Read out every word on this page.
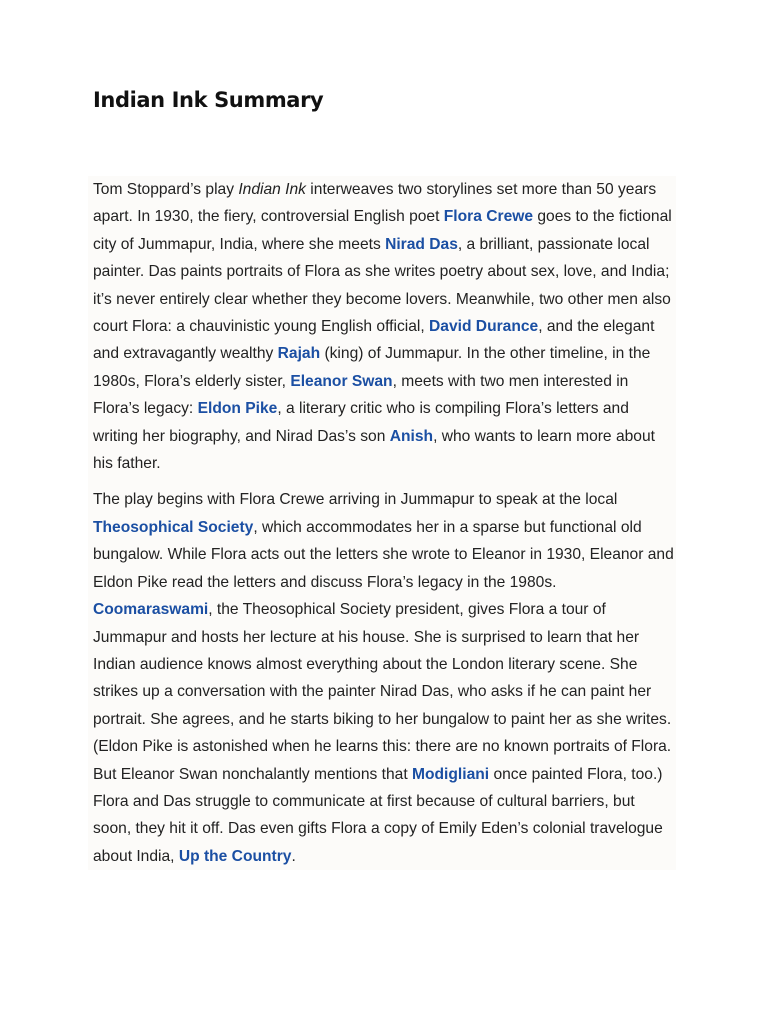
Indian Ink Summary

Tom Stoppard’s play Indian Ink interweaves two storylines set more than 50 years apart. In 1930, the fiery, controversial English poet Flora Crewe goes to the fictional city of Jummapur, India, where she meets Nirad Das, a brilliant, passionate local painter. Das paints portraits of Flora as she writes poetry about sex, love, and India; it’s never entirely clear whether they become lovers. Meanwhile, two other men also court Flora: a chauvinistic young English official, David Durance, and the elegant and extravagantly wealthy Rajah (king) of Jummapur. In the other timeline, in the 1980s, Flora’s elderly sister, Eleanor Swan, meets with two men interested in Flora’s legacy: Eldon Pike, a literary critic who is compiling Flora’s letters and writing her biography, and Nirad Das’s son Anish, who wants to learn more about his father.

The play begins with Flora Crewe arriving in Jummapur to speak at the local Theosophical Society, which accommodates her in a sparse but functional old bungalow. While Flora acts out the letters she wrote to Eleanor in 1930, Eleanor and Eldon Pike read the letters and discuss Flora’s legacy in the 1980s. Coomaraswami, the Theosophical Society president, gives Flora a tour of Jummapur and hosts her lecture at his house. She is surprised to learn that her Indian audience knows almost everything about the London literary scene. She strikes up a conversation with the painter Nirad Das, who asks if he can paint her portrait. She agrees, and he starts biking to her bungalow to paint her as she writes. (Eldon Pike is astonished when he learns this: there are no known portraits of Flora. But Eleanor Swan nonchalantly mentions that Modigliani once painted Flora, too.) Flora and Das struggle to communicate at first because of cultural barriers, but soon, they hit it off. Das even gifts Flora a copy of Emily Eden’s colonial travelogue about India, Up the Country.
